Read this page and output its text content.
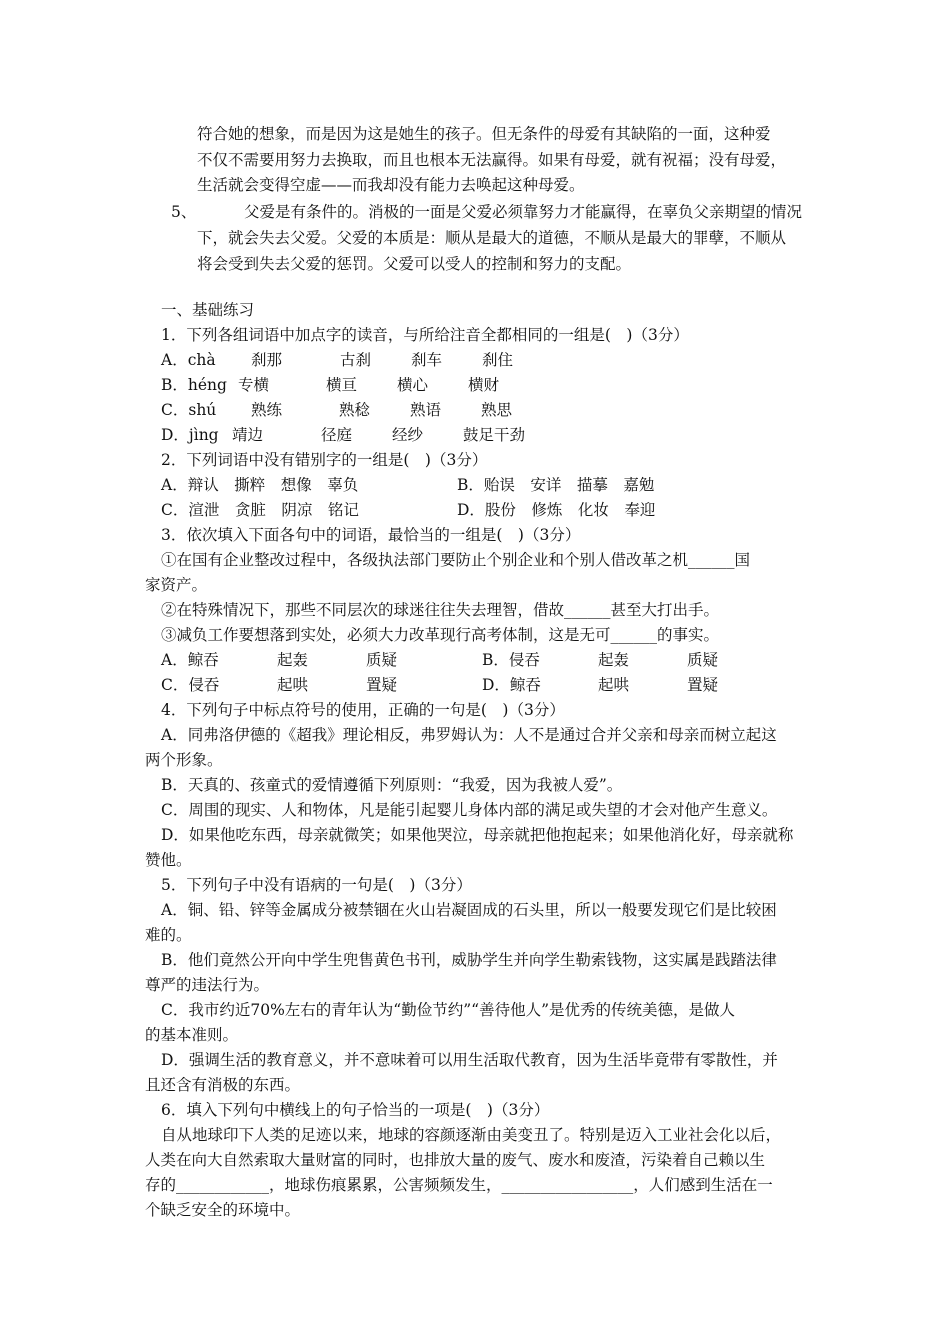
符合她的想象，而是因为这是她生的孩子。但无条件的母爱有其缺陷的一面，这种爱
不仅不需要用努力去换取，而且也根本无法赢得。如果有母爱，就有祝福；没有母爱，
生活就会变得空虚——而我却没有能力去唤起这种母爱。
5、	父爱是有条件的。消极的一面是父爱必须靠努力才能赢得，在辜负父亲期望的情况
下，就会失去父爱。父爱的本质是：顺从是最大的道德，不顺从是最大的罪孽，不顺从
将会受到失去父爱的惩罚。父爱可以受人的控制和努力的支配。
一、基础练习
1．下列各组词语中加点字的读音，与所给注音全都相同的一组是(　)（3分）
A．chà 刹那	古刹	刹车	刹住
B．héng 专横	横亘	横心	横财
C．shú 熟练	熟稔	熟语	熟思
D．jìng 靖边	径庭	经纱	鼓足干劲
2．下列词语中没有错别字的一组是(　)（3分）
A．辩认　撕粹　想像　辜负	B．贻误　安详　描摹　嘉勉
C．渲泄　贪脏　阴凉　铭记	D．股份　修炼　化妆　奉迎
3．依次填入下面各句中的词语，最恰当的一组是(　)（3分）
①在国有企业整改过程中，各级执法部门要防止个别企业和个别人借改革之机______国
家资产。
②在特殊情况下，那些不同层次的球迷往往失去理智，借故______甚至大打出手。
③减负工作要想落到实处，必须大力改革现行高考体制，这是无可______的事实。
A．鲸吞	起轰	质疑	B．侵吞	起轰	质疑
C．侵吞	起哄	置疑	D．鲸吞	起哄	置疑
4．下列句子中标点符号的使用，正确的一句是(　)（3分）
A．同弗洛伊德的《超我》理论相反，弗罗姆认为：人不是通过合并父亲和母亲而树立起这
两个形象。
B．天真的、孩童式的爱情遵循下列原则：“我爱，因为我被人爱”。
C．周围的现实、人和物体，凡是能引起婴儿身体内部的满足或失望的才会对他产生意义。
D．如果他吃东西，母亲就微笑；如果他哭泣，母亲就把他抱起来；如果他消化好，母亲就称
赞他。
5．下列句子中没有语病的一句是(　)（3分）
A．铜、铅、锌等金属成分被禁锢在火山岩凝固成的石头里，所以一般要发现它们是比较困
难的。
B．他们竟然公开向中学生兜售黄色书刊，威胁学生并向学生勒索钱物，这实属是践踏法律
尊严的违法行为。
C．我市约近70%左右的青年认为“勤俭节约”“善待他人”是优秀的传统美德，是做人
的基本准则。
D．强调生活的教育意义，并不意味着可以用生活取代教育，因为生活毕竟带有零散性，并
且还含有消极的东西。
6．填入下列句中横线上的句子恰当的一项是(　)（3分）
自从地球印下人类的足迹以来，地球的容颜逐渐由美变丑了。特别是迈入工业社会化以后，
人类在向大自然索取大量财富的同时，也排放大量的废气、废水和废渣，污染着自己赖以生
存的____________，地球伤痕累累，公害频频发生，_________________，人们感到生活在一
个缺乏安全的环境中。
